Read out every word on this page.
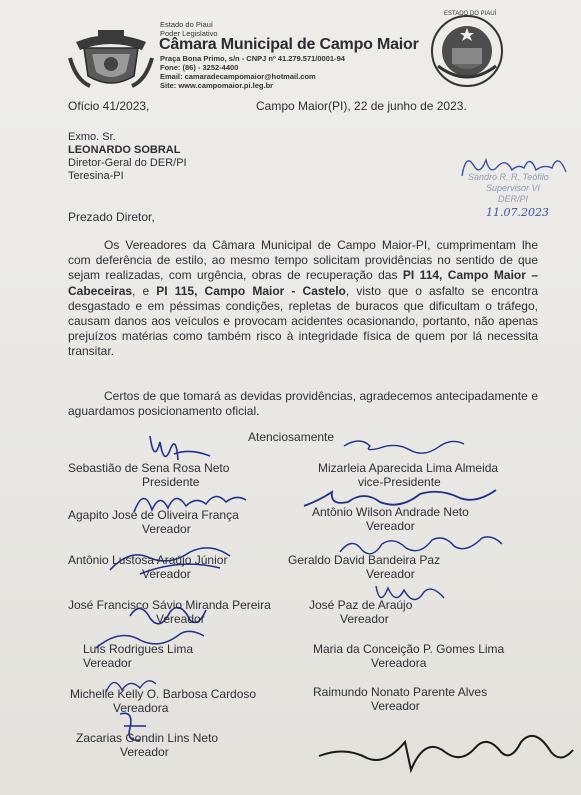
Estado do Piauí
Poder Legislativo
Câmara Municipal de Campo Maior
Praça Bona Primo, s/n - CNPJ nº 41.279.571/0001-94
Fone: (86) - 3252-4400
Email: camaradecampomaior@hotmail.com
Site: www.campomaior.pi.leg.br
ESTADO DO PIAUÍ
Ofício 41/2023,	Campo Maior(PI), 22 de junho de 2023.
Exmo. Sr.
LEONARDO SOBRAL
Diretor-Geral do DER/PI
Teresina-PI	Sandro R. R. Teófilo
Supervisor VI
DER/PI
11.07.2023
Prezado Diretor,
Os Vereadores da Câmara Municipal de Campo Maior-PI, cumprimentam lhe com deferência de estilo, ao mesmo tempo solicitam providências no sentido de que sejam realizadas, com urgência, obras de recuperação das PI 114, Campo Maior – Cabeceiras, e PI 115, Campo Maior - Castelo, visto que o asfalto se encontra desgastado e em péssimas condições, repletas de buracos que dificultam o tráfego, causam danos aos veículos e provocam acidentes ocasionando, portanto, não apenas prejuízos matérias como também risco à integridade física de quem por lá necessita transitar.
Certos de que tomará as devidas providências, agradecemos antecipadamente e aguardamos posicionamento oficial.
Atenciosamente
Sebastião de Sena Rosa Neto
Presidente
Mizarleia Aparecida Lima Almeida
vice-Presidente
Agapito José de Oliveira França
Vereador
Antônio Wilson Andrade Neto
Vereador
Antônio Lustosa Araújo Júnior
Vereador
Geraldo David Bandeira Paz
Vereador
José Francisco Sávio Miranda Pereira
Vereador
José Paz de Araújo
Vereador
Luís Rodrigues Lima
Vereador
Maria da Conceição P. Gomes Lima
Vereadora
Michelle Kelly O. Barbosa Cardoso
Vereadora
Raimundo Nonato Parente Alves
Vereador
Zacarias Gondin Lins Neto
Vereador
